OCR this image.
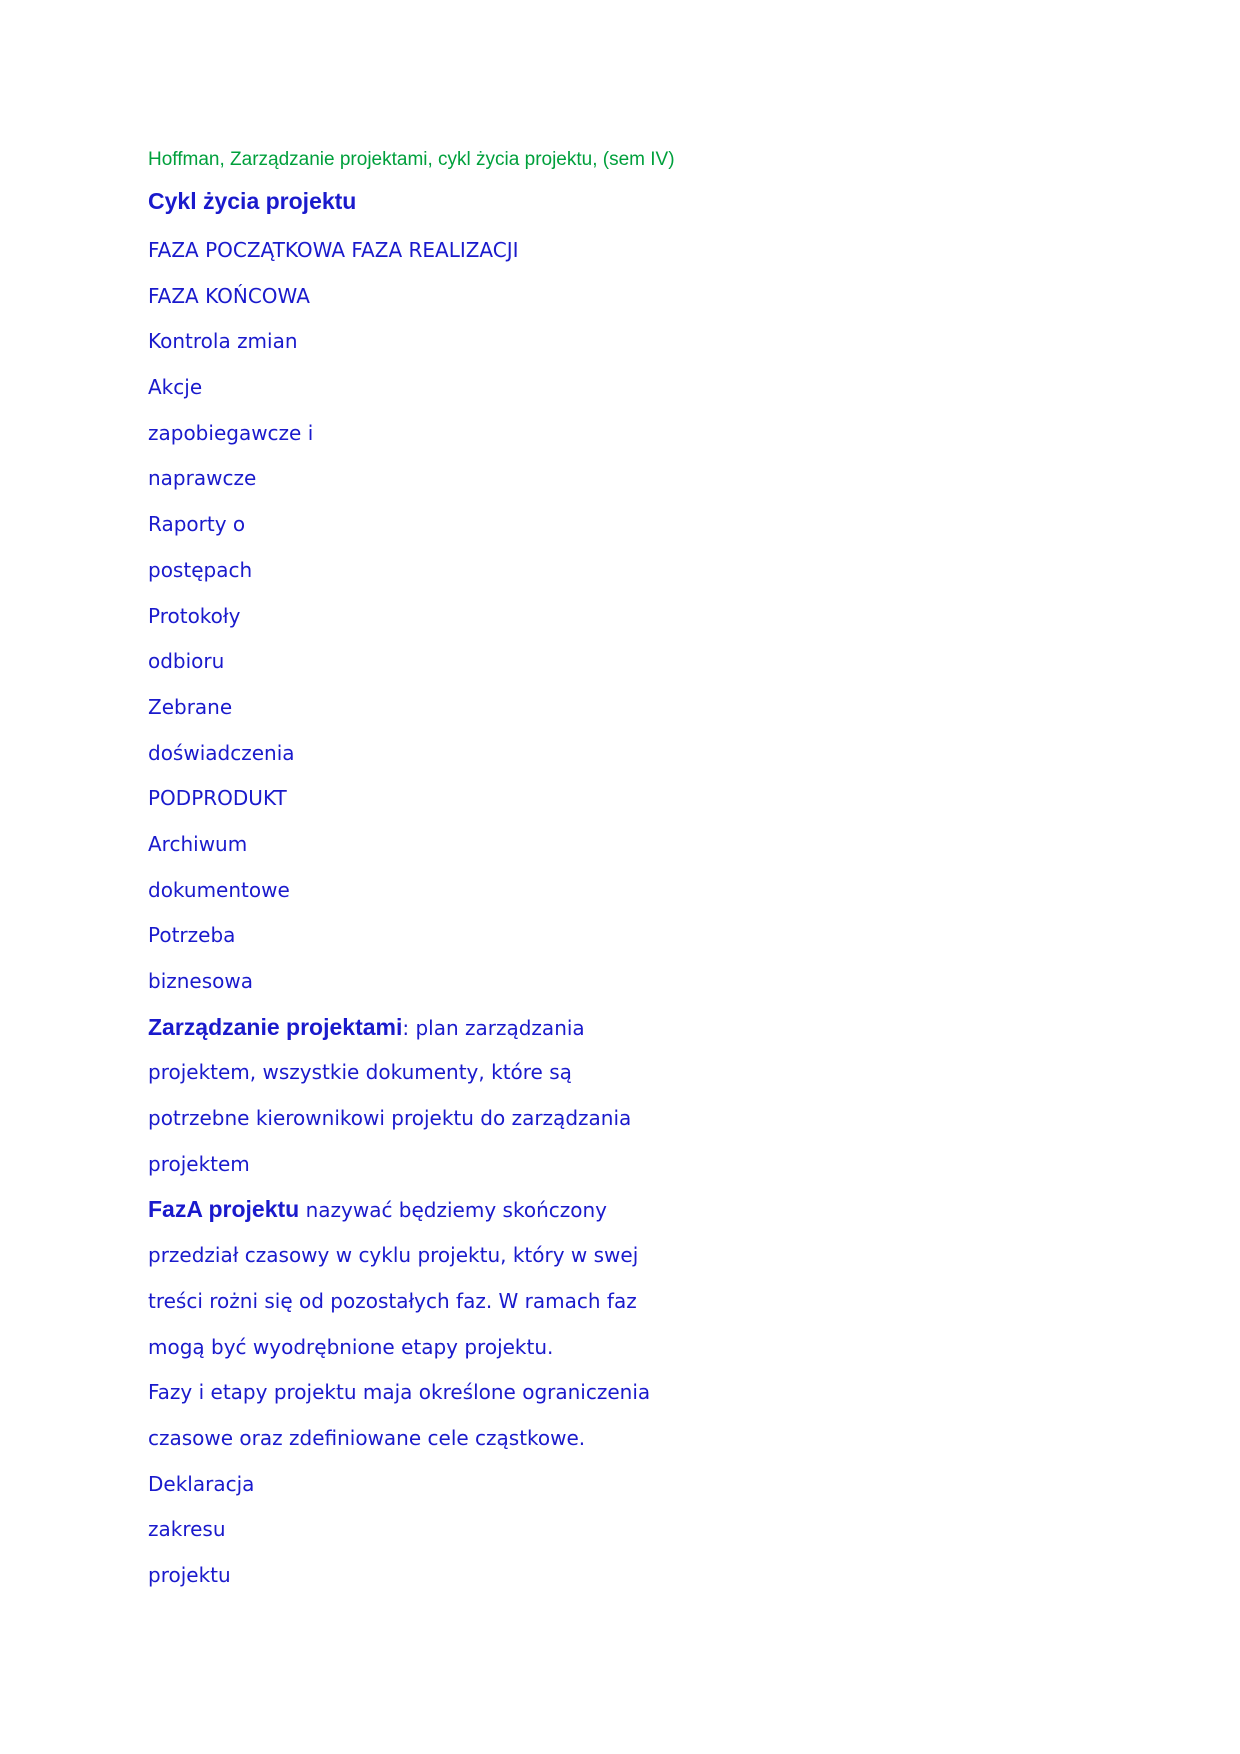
Hoffman, Zarządzanie projektami, cykl życia projektu, (sem IV)
Cykl życia projektu
FAZA POCZĄTKOWA FAZA REALIZACJI
FAZA KOŃCOWA
Kontrola zmian
Akcje
zapobiegawcze i
naprawcze
Raporty o
postępach
Protokoły
odbioru
Zebrane
doświadczenia
PODPRODUKT
Archiwum
dokumentowe
Potrzeba
biznesowa
Zarządzanie projektami: plan zarządzania
projektem, wszystkie dokumenty, które są
potrzebne kierownikowi projektu do zarządzania
projektem
FazA projektu nazywać będziemy skończony
przedział czasowy w cyklu projektu, który w swej
treści rożni się od pozostałych faz. W ramach faz
mogą być wyodrębnione etapy projektu.
Fazy i etapy projektu maja określone ograniczenia
czasowe oraz zdefiniowane cele cząstkowe.
Deklaracja
zakresu
projektu
